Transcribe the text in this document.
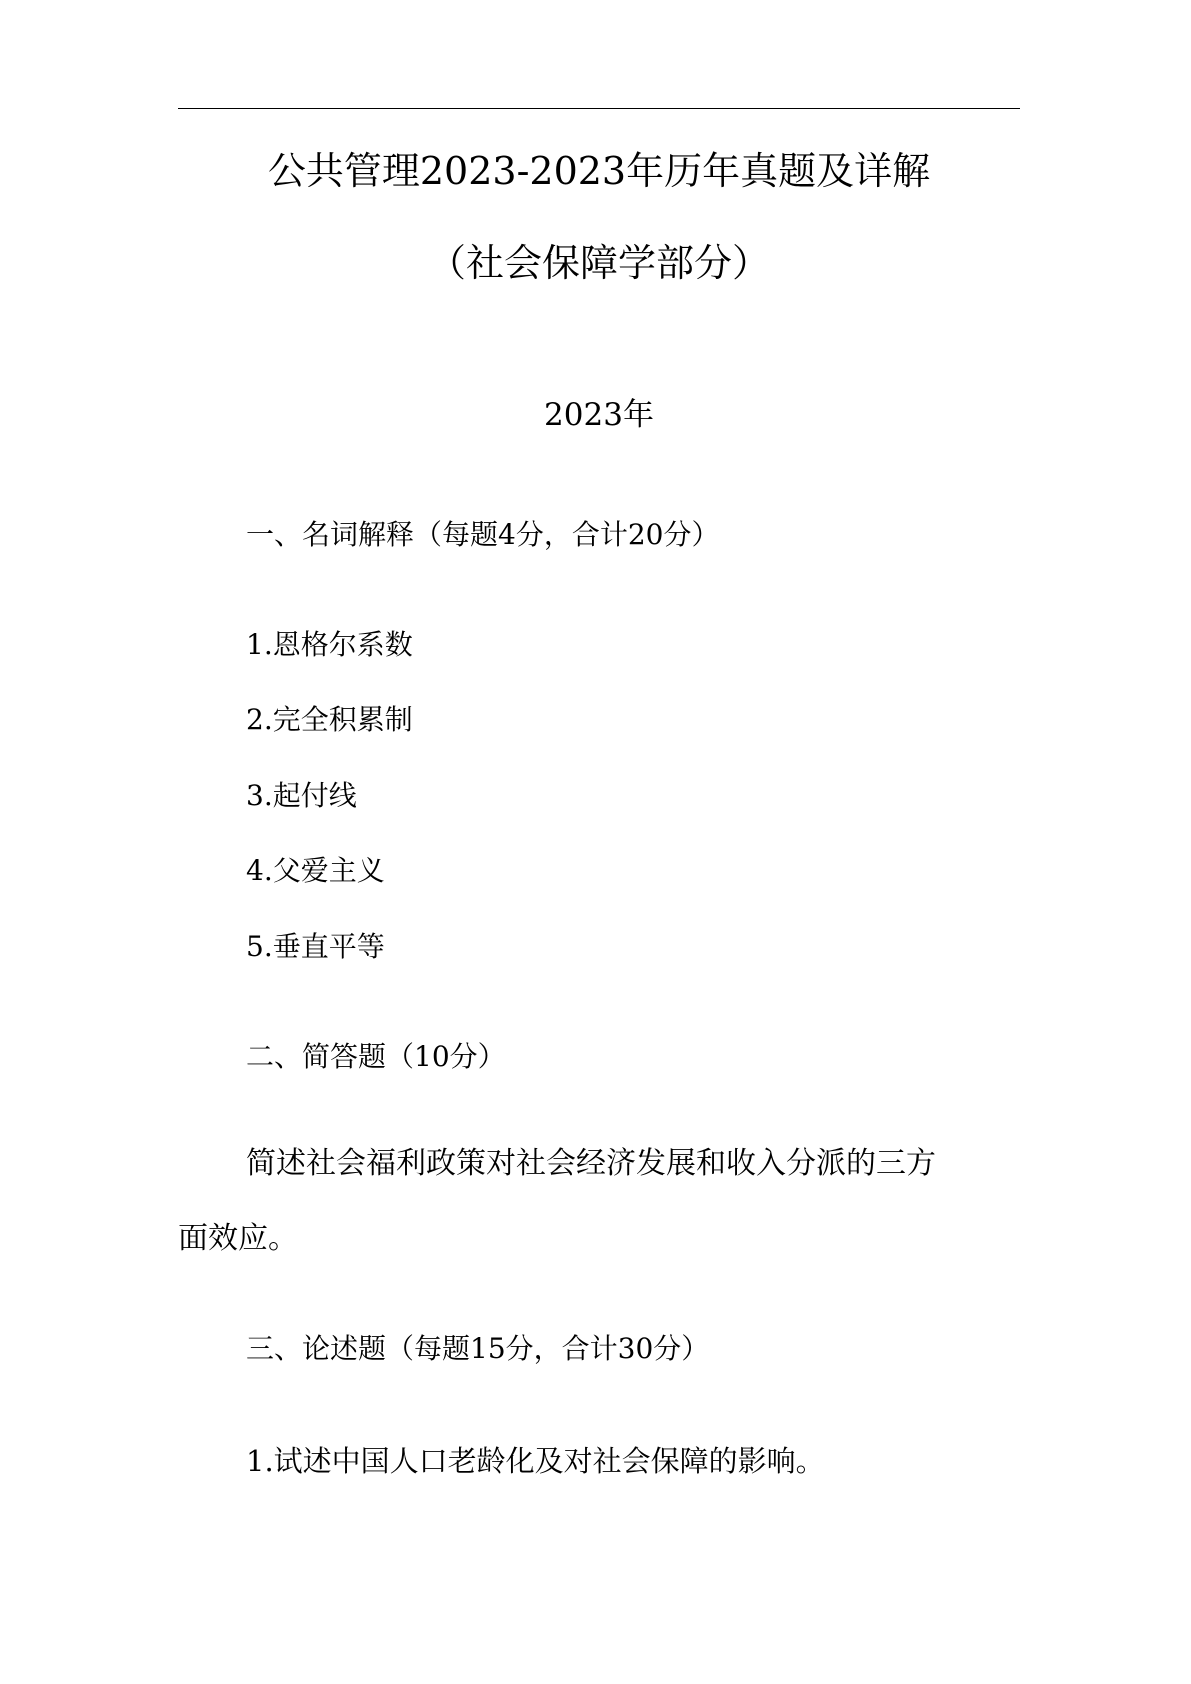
公共管理2023-2023年历年真题及详解
（社会保障学部分）
2023年
一、名词解释（每题4分，合计20分）
1.恩格尔系数
2.完全积累制
3.起付线
4.父爱主义
5.垂直平等
二、简答题（10分）
简述社会福利政策对社会经济发展和收入分派的三方
面效应。
三、论述题（每题15分，合计30分）
1.试述中国人口老龄化及对社会保障的影响。
